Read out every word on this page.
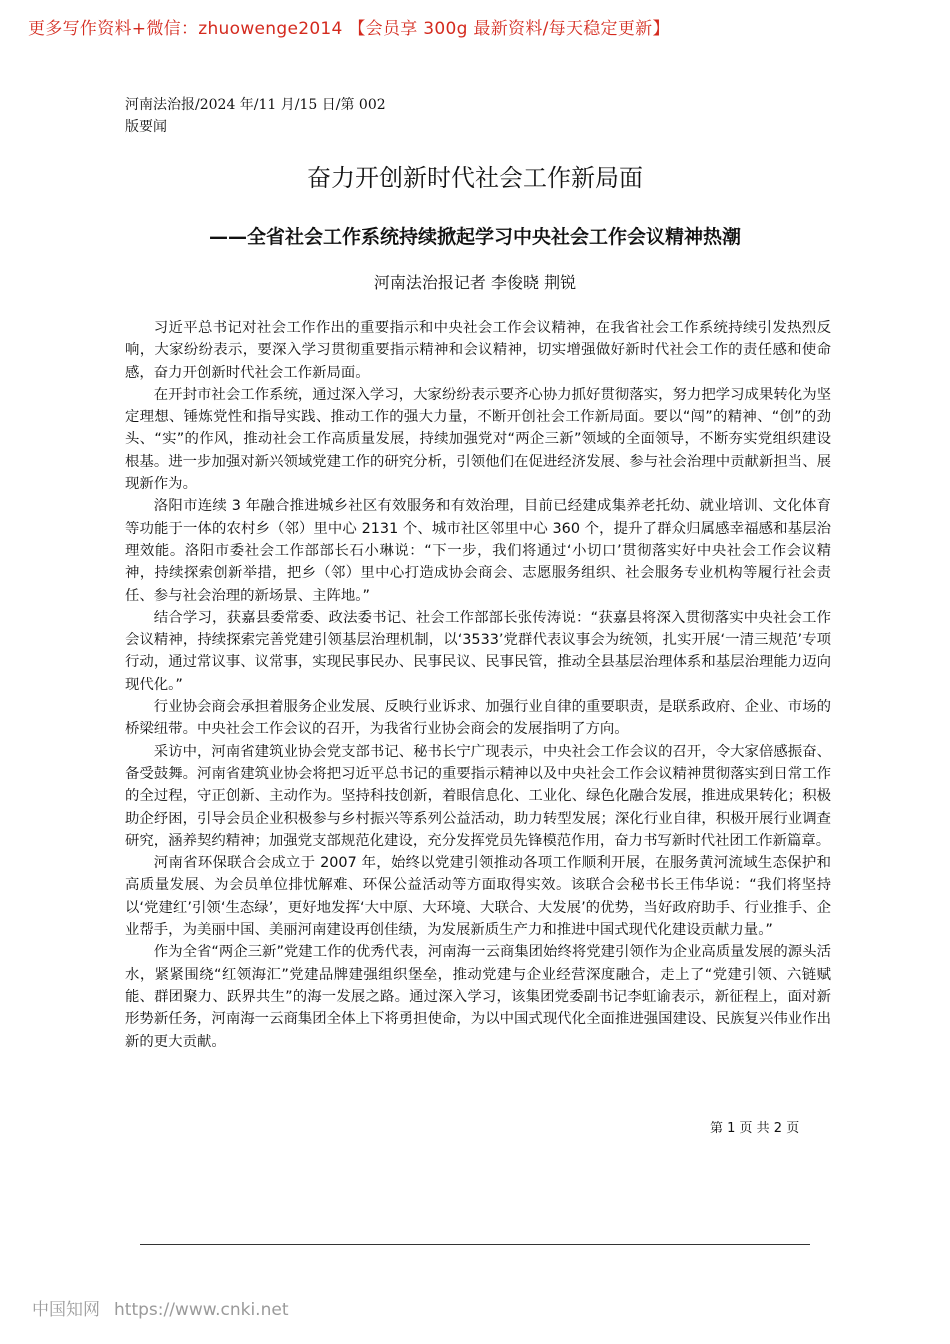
更多写作资料+微信：zhuowenge2014 【会员享 300g 最新资料/每天稳定更新】
河南法治报/2024 年/11 月/15 日/第 002
版要闻
奋力开创新时代社会工作新局面
——全省社会工作系统持续掀起学习中央社会工作会议精神热潮
河南法治报记者 李俊晓 荆锐

习近平总书记对社会工作作出的重要指示和中央社会工作会议精神，在我省社会工作系统持续引发热烈反响，大家纷纷表示，要深入学习贯彻重要指示精神和会议精神，切实增强做好新时代社会工作的责任感和使命感，奋力开创新时代社会工作新局面。

在开封市社会工作系统，通过深入学习，大家纷纷表示要齐心协力抓好贯彻落实，努力把学习成果转化为坚定理想、锤炼党性和指导实践、推动工作的强大力量，不断开创社会工作新局面。要以“闯”的精神、“创”的劲头、“实”的作风，推动社会工作高质量发展，持续加强党对“两企三新”领域的全面领导，不断夯实党组织建设根基。进一步加强对新兴领域党建工作的研究分析，引领他们在促进经济发展、参与社会治理中贡献新担当、展现新作为。

洛阳市连续 3 年融合推进城乡社区有效服务和有效治理，目前已经建成集养老托幼、就业培训、文化体育等功能于一体的农村乡（邻）里中心 2131 个、城市社区邻里中心 360 个，提升了群众归属感幸福感和基层治理效能。洛阳市委社会工作部部长石小琳说：“下一步，我们将通过‘小切口’贯彻落实好中央社会工作会议精神，持续探索创新举措，把乡（邻）里中心打造成协会商会、志愿服务组织、社会服务专业机构等履行社会责任、参与社会治理的新场景、主阵地。”

结合学习，获嘉县委常委、政法委书记、社会工作部部长张传涛说：“获嘉县将深入贯彻落实中央社会工作会议精神，持续探索完善党建引领基层治理机制，以‘3533’党群代表议事会为统领，扎实开展‘一清三规范’专项行动，通过常议事、议常事，实现民事民办、民事民议、民事民管，推动全县基层治理体系和基层治理能力迈向现代化。”

行业协会商会承担着服务企业发展、反映行业诉求、加强行业自律的重要职责，是联系政府、企业、市场的桥梁纽带。中央社会工作会议的召开，为我省行业协会商会的发展指明了方向。

采访中，河南省建筑业协会党支部书记、秘书长宁广现表示，中央社会工作会议的召开，令大家倍感振奋、备受鼓舞。河南省建筑业协会将把习近平总书记的重要指示精神以及中央社会工作会议精神贯彻落实到日常工作的全过程，守正创新、主动作为。坚持科技创新，着眼信息化、工业化、绿色化融合发展，推进成果转化；积极助企纾困，引导会员企业积极参与乡村振兴等系列公益活动，助力转型发展；深化行业自律，积极开展行业调查研究，涵养契约精神；加强党支部规范化建设，充分发挥党员先锋模范作用，奋力书写新时代社团工作新篇章。

河南省环保联合会成立于 2007 年，始终以党建引领推动各项工作顺利开展，在服务黄河流域生态保护和高质量发展、为会员单位排忧解难、环保公益活动等方面取得实效。该联合会秘书长王伟华说：“我们将坚持以‘党建红’引领‘生态绿’，更好地发挥‘大中原、大环境、大联合、大发展’的优势，当好政府助手、行业推手、企业帮手，为美丽中国、美丽河南建设再创佳绩，为发展新质生产力和推进中国式现代化建设贡献力量。”

作为全省“两企三新”党建工作的优秀代表，河南海一云商集团始终将党建引领作为企业高质量发展的源头活水，紧紧围绕“红领海汇”党建品牌建强组织堡垒，推动党建与企业经营深度融合，走上了“党建引领、六链赋能、群团聚力、跃界共生”的海一发展之路。通过深入学习，该集团党委副书记李虹谕表示，新征程上，面对新形势新任务，河南海一云商集团全体上下将勇担使命，为以中国式现代化全面推进强国建设、民族复兴伟业作出新的更大贡献。

第 1 页 共 2 页
中国知网 https://www.cnki.net
